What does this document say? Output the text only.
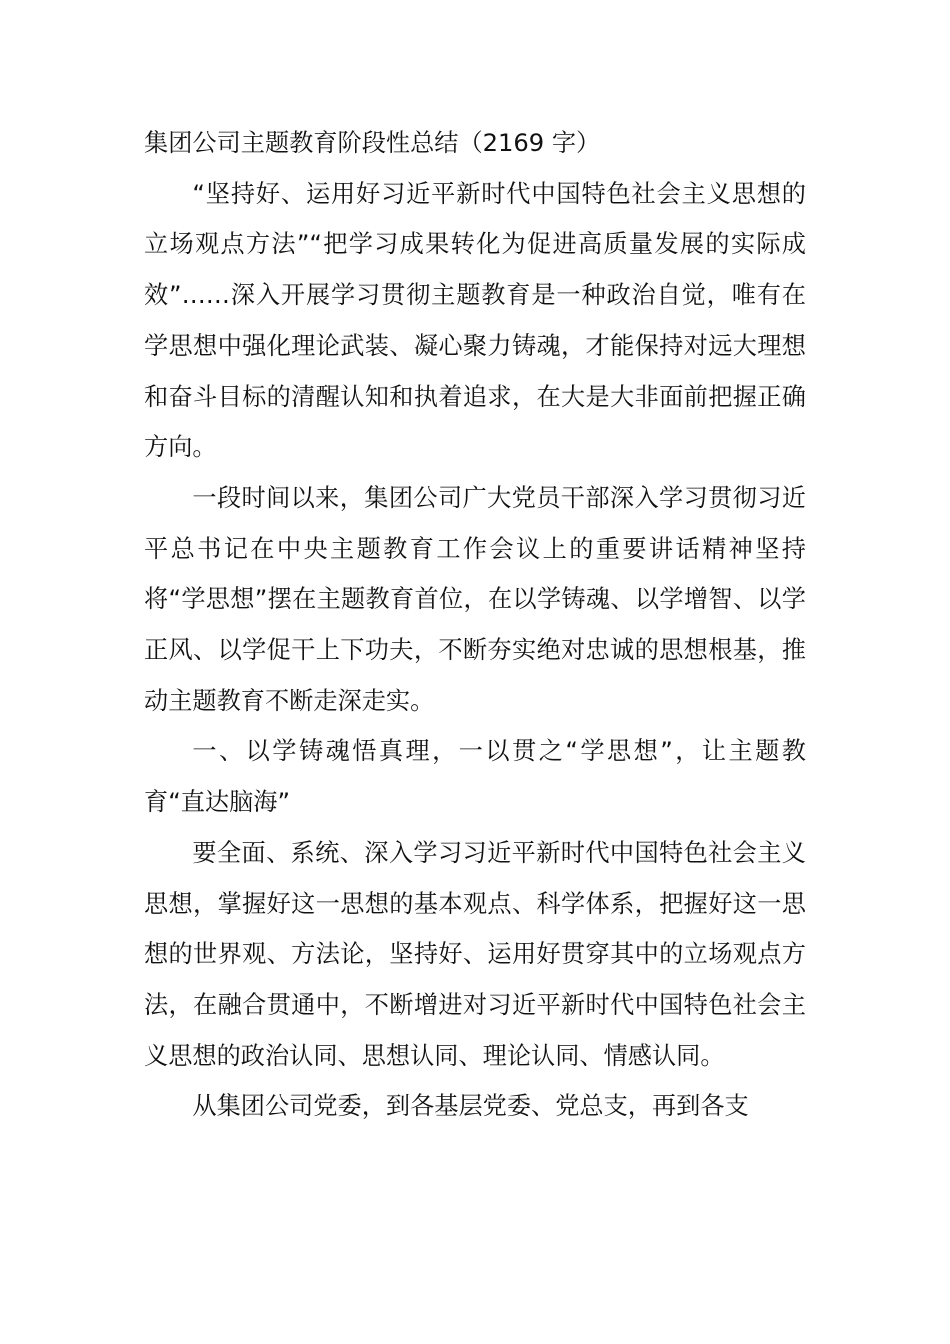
集团公司主题教育阶段性总结（2169 字）

“坚持好、运用好习近平新时代中国特色社会主义思想的立场观点方法”“把学习成果转化为促进高质量发展的实际成效”……深入开展学习贯彻主题教育是一种政治自觉，唯有在学思想中强化理论武装、凝心聚力铸魂，才能保持对远大理想和奋斗目标的清醒认知和执着追求，在大是大非面前把握正确方向。

一段时间以来，集团公司广大党员干部深入学习贯彻习近平总书记在中央主题教育工作会议上的重要讲话精神坚持将“学思想”摆在主题教育首位，在以学铸魂、以学增智、以学正风、以学促干上下功夫，不断夯实绝对忠诚的思想根基，推动主题教育不断走深走实。

一、以学铸魂悟真理，一以贯之“学思想”，让主题教育“直达脑海”

要全面、系统、深入学习习近平新时代中国特色社会主义思想，掌握好这一思想的基本观点、科学体系，把握好这一思想的世界观、方法论，坚持好、运用好贯穿其中的立场观点方法，在融合贯通中，不断增进对习近平新时代中国特色社会主义思想的政治认同、思想认同、理论认同、情感认同。

从集团公司党委，到各基层党委、党总支，再到各支
